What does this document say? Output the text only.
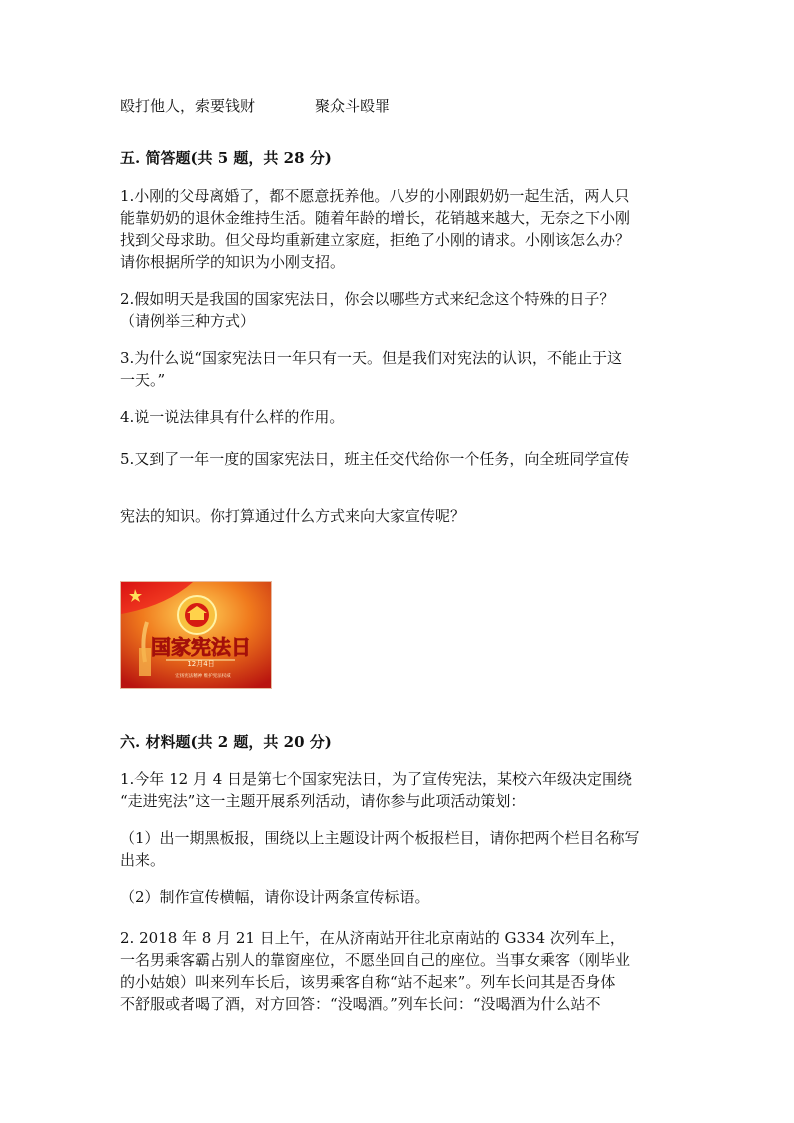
殴打他人，索要钱财	聚众斗殴罪
五. 简答题(共 5 题，共 28 分)
1.小刚的父母离婚了，都不愿意抚养他。八岁的小刚跟奶奶一起生活，两人只
能靠奶奶的退休金维持生活。随着年龄的增长，花销越来越大，无奈之下小刚
找到父母求助。但父母均重新建立家庭，拒绝了小刚的请求。小刚该怎么办？
请你根据所学的知识为小刚支招。
2.假如明天是我国的国家宪法日，你会以哪些方式来纪念这个特殊的日子？
（请例举三种方式）
3.为什么说“国家宪法日一年只有一天。但是我们对宪法的认识，不能止于这
一天。”
4.说一说法律具有什么样的作用。
5.又到了一年一度的国家宪法日，班主任交代给你一个任务，向全班同学宣传
宪法的知识。你打算通过什么方式来向大家宣传呢？
六. 材料题(共 2 题，共 20 分)
1.今年 12 月 4 日是第七个国家宪法日，为了宣传宪法，某校六年级决定围绕
“走进宪法”这一主题开展系列活动，请你参与此项活动策划：
（1）出一期黑板报，围绕以上主题设计两个板报栏目，请你把两个栏目名称写
出来。
（2）制作宣传横幅，请你设计两条宣传标语。
2. 2018 年 8 月 21 日上午，在从济南站开往北京南站的 G334 次列车上，
一名男乘客霸占别人的靠窗座位，不愿坐回自己的座位。当事女乘客（刚毕业
的小姑娘）叫来列车长后，该男乘客自称“站不起来”。列车长问其是否身体
不舒服或者喝了酒，对方回答：“没喝酒。”列车长问：“没喝酒为什么站不
国家宪法日
12月4日
宏扬宪法精神 维护宪法权威
